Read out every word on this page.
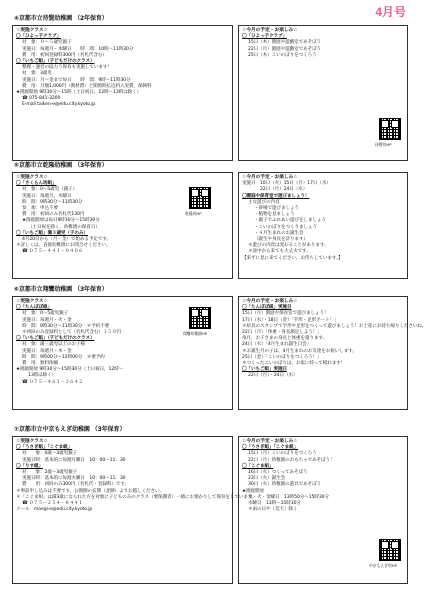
4月号
④京都市立待賢幼稚園 （2年保育）
☆実施クラス☆
〇「ひよっ子クラブ」
対　象：０～５歳児親子
実施日：毎週月・木曜日　　時　間：10時～11時30分
費　用：初回登録料300円（名札代含む）
〇「いちご組」（子どもだけのクラス）
整理・運営の協力う保育も実施しています！
対　象：3歳児
実施日：月～金まで毎日　　時　間：9時～11時30分
費　用：月額1,000円（教材費）と開始時払込料入実費，保険料
★園庭開放 9時30分～15時（土日祝日，12時～13時は除く）
☎ 075-841-3200
E-mail taiken-e@edu.city.kyoto.jp
☆今月の予定・お楽しみ☆
〇「ひよっ子クラブ」
15日（木）園庭や遊戯室であそぼう
22日（月）園庭や遊戯室であそぼう
25日（木）こいのぼりをつくろう
待賢幼HP
⑤京都市立乾隆幼稚園 （3年保育）
☆実施クラス☆
〇「さくらん坊組」
対　象：0～5歳児（親子）
実施日：毎週月，水曜日
時　間：9時30分～11時30分
参　加：申込不要
費　用：初回のみ名札代130円
★園庭開放は毎日9時30分～15時30分
（土日祝を除く，幼稚園の保育日）
〇「いちご組」満３歳児（子のみ）
4月20日から（月・金）で始める予定です。
＊詳しくは，直接幼稚園にお問合せください。
☎ ０７５－４４１－０４０６
乾隆幼HP
☆今月の予定・お楽しみ☆
実施日　10日（火）15日（月）17日（水）
　　　　22日（月）24日（水）
〇園庭や保育室で遊びましょう！
主な遊びの内容
・砂場で遊びましょう
・植物を見ましょう
・親子でふれあい遊びをしましょう
・こいのぼりをつくりましょう
・４月生まれのお誕生会
（誕生や身長を計ります）
＊遊びの内容は変わることがあります。
＊途中から来ても大丈夫です。
【来ずに見に来てください。お待ちしています。】
⑥京都市立翔鸞幼稚園 （3年保育）
☆実施クラス☆
〇「たんぽぽ組」
対　象：0～5歳児親子
実施日：毎週月・火・金
時　間：9時30分～11時30分　＊予約不要
＊初回のみ登録料として（名札代含む）１５０円
〇「いちご組」（子どもだけのクラス）
対　象：満三歳児以上のお子様
実施日：毎週月・木・金
時　間：9時00分～12時00分　＊要予約
費　用：無料体験
★園庭開放 9時30分～15時30分（土日祝日，12時～
13時は除く）
☎ ０７５－４６１－３６４２
翔鸞幼稚園HP
☆今月の予定・お楽しみ☆
〇「たんぽぽ組」実施日
15日（月）園庭や保育室で遊びましょう！
17日（水）・18日（金）「手形・足形アート！」
＊絵具のスタンプで手形や足形をつくって遊びましょう！お土産にお持ち帰りくださいね。
22日（月）「体重・身長測定しよう！」
毎月，お子さまの身長と体重を量ります。
24日（水）「4月生まれ誕生日会」
＊お誕生月の子は、4月生まれのお友達をお祝いします。
25日（金）「こいのぼりをつくろう！」
＊つくったこいのぼりは，お家に持って帰れます！
〇「いちご組」実施日
22日（月）・24日（水）
⑦京都市立中京もえぎ幼稚園 （3年保育）
☆実施クラス☆
〇「うさぎ組」「こぐま組」
対　　象：0歳～3歳児親子
実施日時：基本的に毎週月曜日　10：00～11：30
〇「りす組」
対　　象：2歳～3歳児親子
実施日時：基本的に毎週火曜日　10：00～11：30
費　　用：初回のみ300円（名札代・登録料）です。
＊事前申し込みは不要です。公園側の玄関（北側）よりお越しください。
＊「こぐま組」は満3歳になられた方を対象に子どものみのクラス（要保護者）一緒にお預かりして保育をしています。
☎ ０７５－２５４－８４４１
メール　moegi-e@edu.city.kyoto.jp
☆今月の予定・お楽しみ☆
〇「うさぎ組」「こぐま組」
15日（月）こいのぼりをつくろう
22日（月）幼稚園のおもちゃであそぼう！
〇「こぐま組」
16日（火）つくってあそぼう
23日（火）誕生会
30日（火）幼稚園の遊具であそぼう
★園庭開放
月・火・金曜日　13時50分～15時30分
水曜日　13時～15時30分
＊雨の日や（荒天）除く
中京もえぎ幼HP
